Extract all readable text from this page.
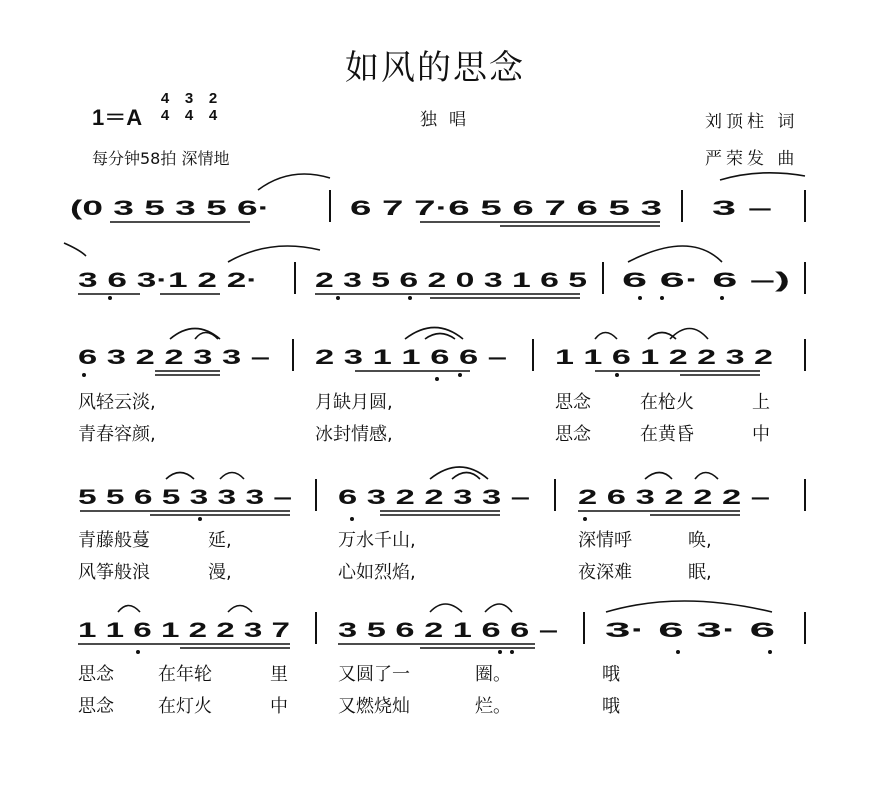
如风的思念
1＝A
4
4
3
4
2
4
每分钟58拍 深情地
独唱	刘顶柱 词
严荣发 曲
(0 3 5 3 5 6·	6 7 7·6 5 6 7 6 5 3 3 –
3 6 3·1 2 2·	2 3 5 6 2 0 3 1 6 5 6 6· 6 –)
6 3 2 2 3 3 – 2 3 1 1 6 6 – 1 1 6 1 2 2 3 2
5 5 6 5 3 3 3 – 6 3 2 2 3 3 – 2 6 3 2 2 2 –
1 1 6 1 2 2 3 7 3 5 6 2 1 6 6 – 3· 6 3· 6
风轻云淡,	月缺月圆,	思念	在枪火	上
青春容颜,	冰封情感,	思念	在黄昏	中
青藤般蔓	延,	万水千山,	深情呼	唤,
风筝般浪	漫,	心如烈焰,	夜深难	眠,
思念 在年轮	里	又圆了一	圈。	哦
思念 在灯火	中	又燃烧灿	烂。	哦
